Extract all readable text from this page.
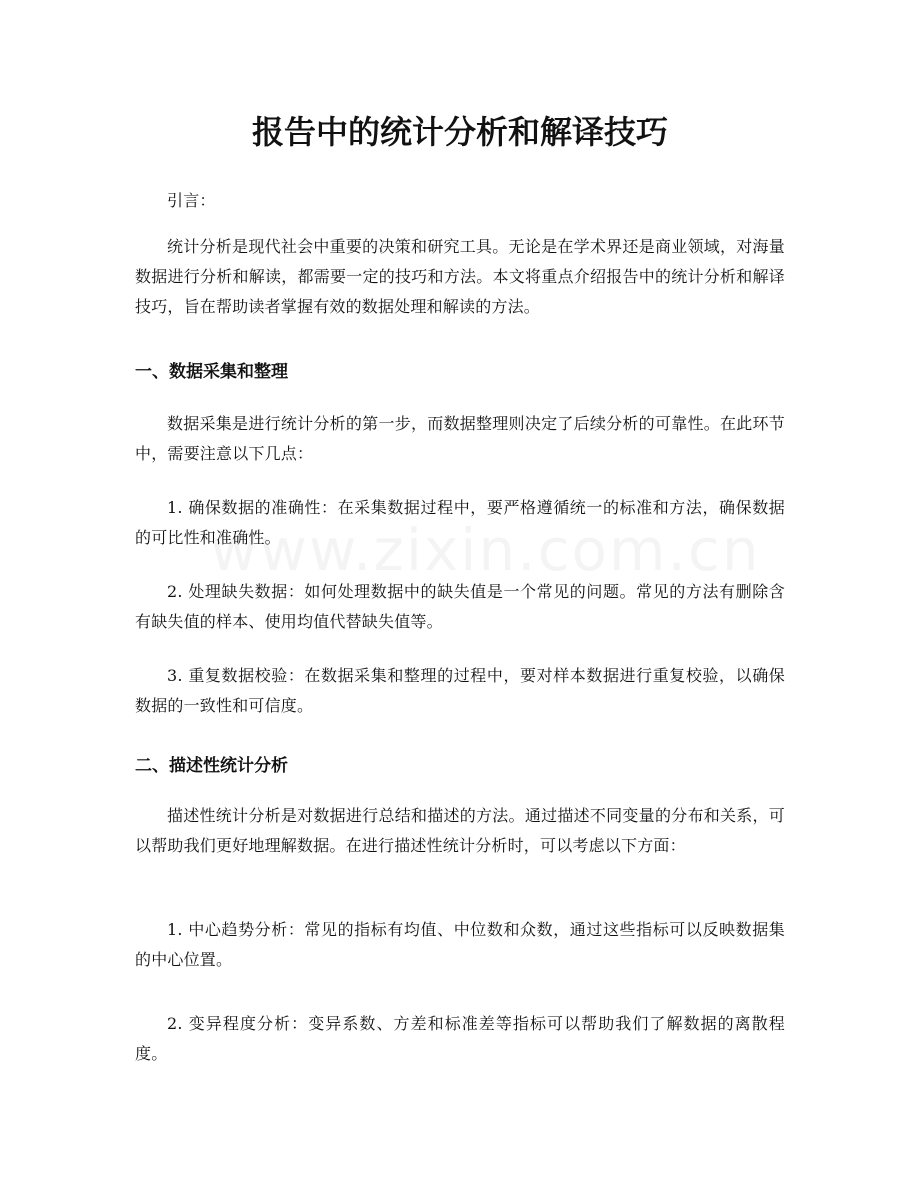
报告中的统计分析和解译技巧

引言：

统计分析是现代社会中重要的决策和研究工具。无论是在学术界还是商业领域，对海量数据进行分析和解读，都需要一定的技巧和方法。本文将重点介绍报告中的统计分析和解译技巧，旨在帮助读者掌握有效的数据处理和解读的方法。

一、数据采集和整理

数据采集是进行统计分析的第一步，而数据整理则决定了后续分析的可靠性。在此环节中，需要注意以下几点：

1. 确保数据的准确性：在采集数据过程中，要严格遵循统一的标准和方法，确保数据的可比性和准确性。

2. 处理缺失数据：如何处理数据中的缺失值是一个常见的问题。常见的方法有删除含有缺失值的样本、使用均值代替缺失值等。

3. 重复数据校验：在数据采集和整理的过程中，要对样本数据进行重复校验，以确保数据的一致性和可信度。

二、描述性统计分析

描述性统计分析是对数据进行总结和描述的方法。通过描述不同变量的分布和关系，可以帮助我们更好地理解数据。在进行描述性统计分析时，可以考虑以下方面：

1. 中心趋势分析：常见的指标有均值、中位数和众数，通过这些指标可以反映数据集的中心位置。

2. 变异程度分析：变异系数、方差和标准差等指标可以帮助我们了解数据的离散程度。
